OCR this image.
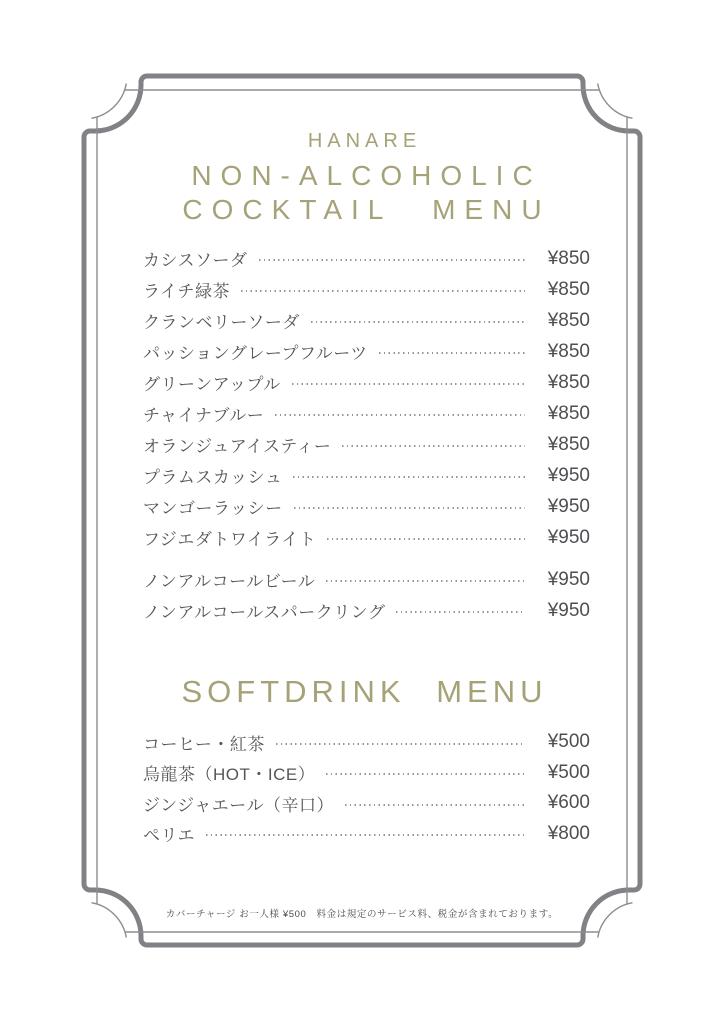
HANARE
NON-ALCOHOLIC
COCKTAIL MENU
カシスソーダ	¥850
ライチ緑茶	¥850
クランベリーソーダ	¥850
パッショングレープフルーツ	¥850
グリーンアップル	¥850
チャイナブルー	¥850
オランジュアイスティー	¥850
プラムスカッシュ	¥950
マンゴーラッシー	¥950
フジエダトワイライト	¥950
ノンアルコールビール	¥950
ノンアルコールスパークリング	¥950
SOFTDRINK MENU
コーヒー・紅茶	¥500
烏龍茶（HOT・ICE）	¥500
ジンジャエール（辛口）	¥600
ペリエ	¥800
カバーチャージ お一人様 ¥500　料金は規定のサービス料、税金が含まれております。
